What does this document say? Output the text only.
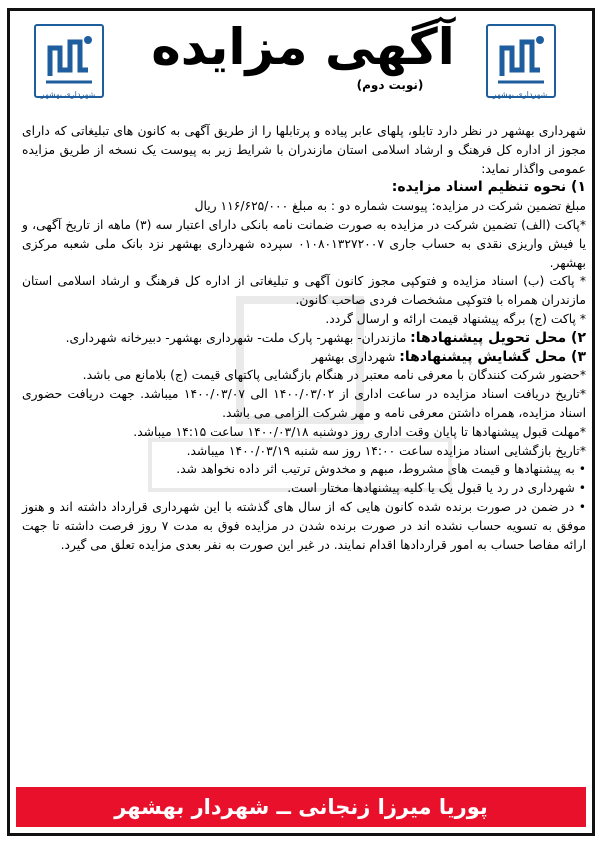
شهرداری بهشهر	شهرداری بهشهر
آگهی مزایده
(نوبت دوم)

شهرداری بهشهر در نظر دارد تابلو، پلهای عابر پیاده و پرتابلها را از طریق آگهی به کانون های تبلیغاتی که دارای مجوز از اداره کل فرهنگ و ارشاد اسلامی استان مازندران با شرایط زیر به پیوست یک نسخه از طریق مزایده عمومی واگذار نماید:

۱) نحوه تنظیم اسناد مزایده:

مبلغ تضمین شرکت در مزایده: پیوست شماره دو : به مبلغ ۱۱۶/۶۲۵/۰۰۰ ریال

*پاکت (الف) تضمین شرکت در مزایده به صورت ضمانت نامه بانکی دارای اعتبار سه (۳) ماهه از تاریخ آگهی، و یا فیش واریزی نقدی به حساب جاری ۰۱۰۸۰۱۳۲۷۲۰۰۷ سپرده شهرداری بهشهر نزد بانک ملی شعبه مرکزی بهشهر.

* پاکت (ب) اسناد مزایده و فتوکپی مجوز کانون آگهی و تبلیغاتی از اداره کل فرهنگ و ارشاد اسلامی استان مازندران همراه با فتوکپی مشخصات فردی صاحب کانون.

* پاکت (ج) برگه پیشنهاد قیمت ارائه و ارسال گردد.

۲) محل تحویل پیشنهادها: مازندران- بهشهر- پارک ملت- شهرداری بهشهر- دبیرخانه شهرداری.

۳) محل گشایش پیشنهادها: شهرداری بهشهر

*حضور شرکت کنندگان با معرفی نامه معتبر در هنگام بازگشایی پاکتهای قیمت (ج) بلامانع می باشد.

*تاریخ دریافت اسناد مزایده در ساعت اداری از ۱۴۰۰/۰۳/۰۲ الی ۱۴۰۰/۰۳/۰۷ میباشد. جهت دریافت حضوری اسناد مزایده، همراه داشتن معرفی نامه و مهر شرکت الزامی می باشد.

*مهلت قبول پیشنهادها تا پایان وقت اداری روز دوشنبه ۱۴۰۰/۰۳/۱۸ ساعت ۱۴:۱۵ میباشد.

*تاریخ بازگشایی اسناد مزایده ساعت ۱۴:۰۰ روز سه شنبه ۱۴۰۰/۰۳/۱۹ میباشد.

• به پیشنهادها و قیمت های مشروط، مبهم و مخدوش ترتیب اثر داده نخواهد شد.

• شهرداری در رد یا قبول یک یا کلیه پیشنهادها مختار است.

• در ضمن در صورت برنده شده کانون هایی که از سال های گذشته با این شهرداری قرارداد داشته اند و هنوز موفق به تسویه حساب نشده اند در صورت برنده شدن در مزایده فوق به مدت ۷ روز فرصت داشته تا جهت ارائه مفاصا حساب به امور قراردادها اقدام نمایند. در غیر این صورت به نفر بعدی مزایده تعلق می گیرد.

پوریا میرزا زنجانی ــ شهردار بهشهر
